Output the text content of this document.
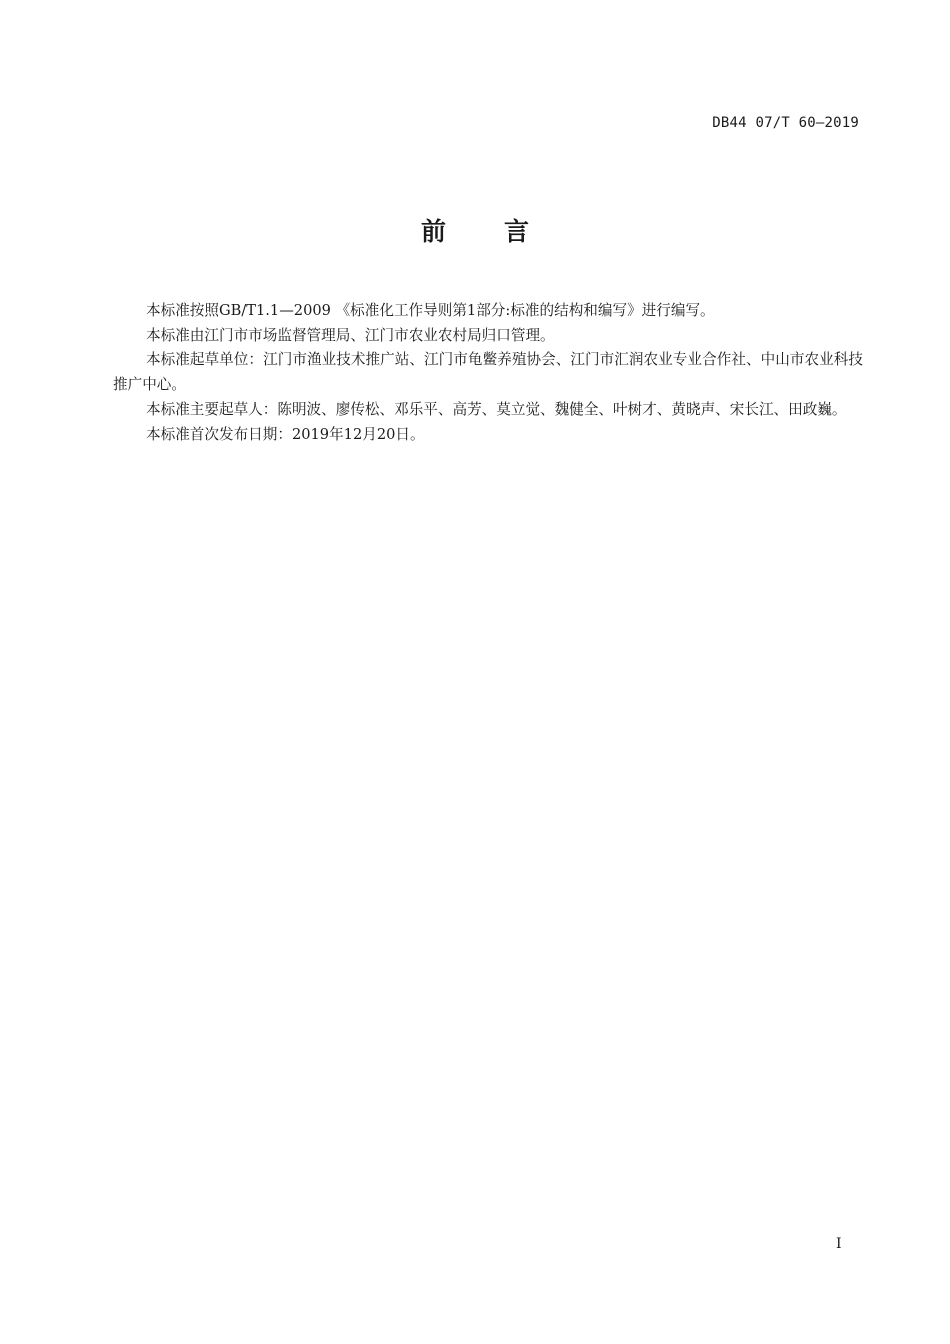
DB44 07/T 60—2019
前 言

本标准按照GB/T1.1—2009 《标准化工作导则第1部分:标准的结构和编写》进行编写。

本标准由江门市市场监督管理局、江门市农业农村局归口管理。

本标准起草单位：江门市渔业技术推广站、江门市龟鳖养殖协会、江门市汇润农业专业合作社、中山市农业科技推广中心。

本标准主要起草人：陈明波、廖传松、邓乐平、高芳、莫立觉、魏健全、叶树才、黄晓声、宋长江、田政巍。

本标准首次发布日期：2019年12月20日。

I
